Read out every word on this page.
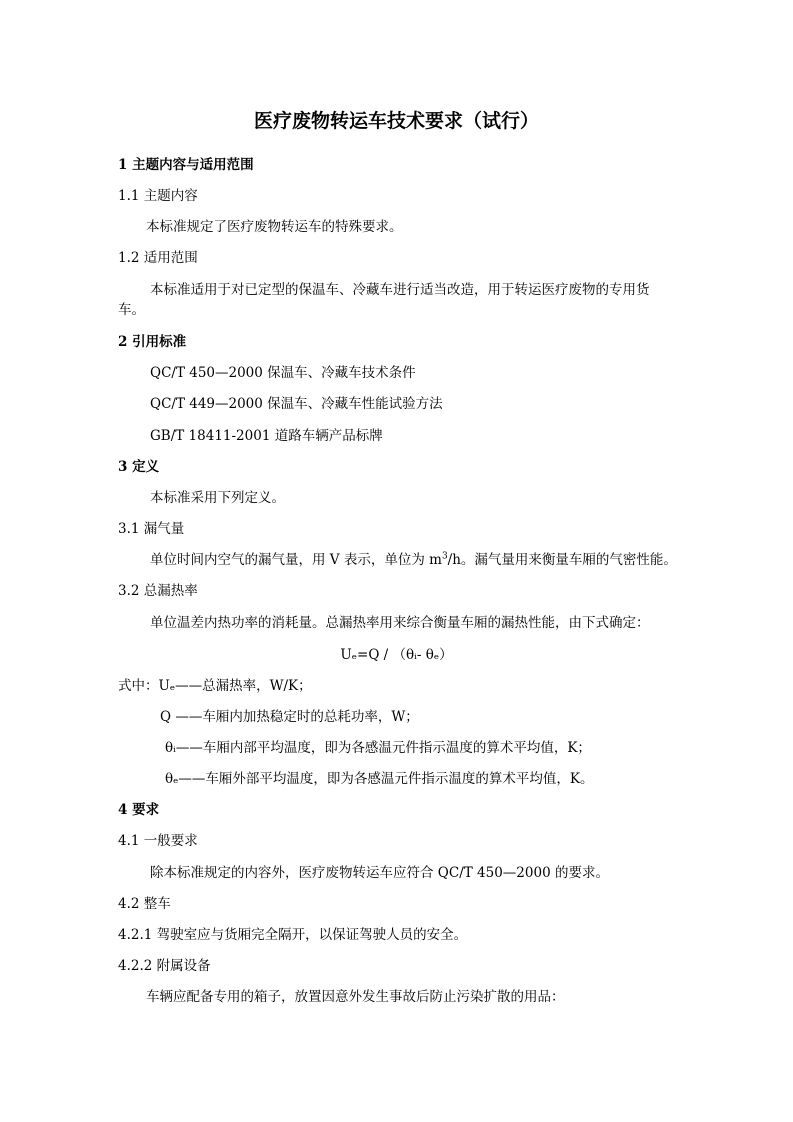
医疗废物转运车技术要求（试行）
1 主题内容与适用范围
1.1 主题内容
本标准规定了医疗废物转运车的特殊要求。
1.2 适用范围
本标准适用于对已定型的保温车、冷藏车进行适当改造，用于转运医疗废物的专用货
车。
2 引用标准
QC/T 450—2000 保温车、冷藏车技术条件
QC/T 449—2000 保温车、冷藏车性能试验方法
GB/T 18411-2001 道路车辆产品标牌
3 定义
本标准采用下列定义。
3.1 漏气量
单位时间内空气的漏气量，用 V 表示，单位为 $m^3/h$。漏气量用来衡量车厢的气密性能。
3.2 总漏热率
单位温差内热功率的消耗量。总漏热率用来综合衡量车厢的漏热性能，由下式确定：
Uₑ=Q / （θᵢ- θₑ）
式中：Uₑ——总漏热率，W/K；
Q ——车厢内加热稳定时的总耗功率，W；
θᵢ——车厢内部平均温度，即为各感温元件指示温度的算术平均值，K；
θₑ——车厢外部平均温度，即为各感温元件指示温度的算术平均值，K。
4 要求
4.1 一般要求
除本标准规定的内容外，医疗废物转运车应符合 QC/T 450—2000 的要求。
4.2 整车
4.2.1 驾驶室应与货厢完全隔开，以保证驾驶人员的安全。
4.2.2 附属设备
车辆应配备专用的箱子，放置因意外发生事故后防止污染扩散的用品：
